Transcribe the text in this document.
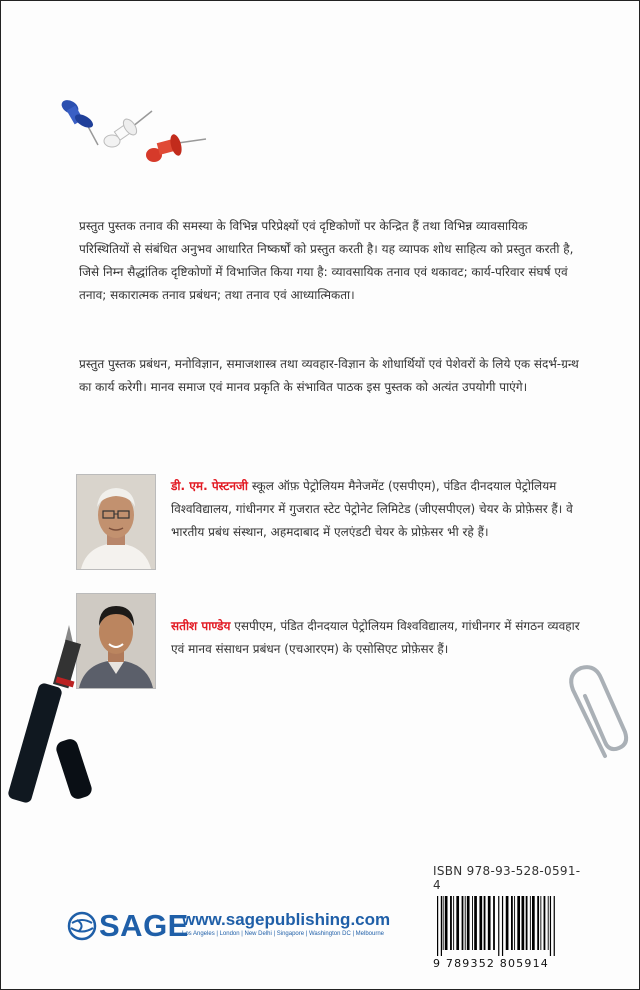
प्रस्तुत पुस्तक तनाव की समस्या के विभिन्न परिप्रेक्ष्यों एवं दृष्टिकोणों पर केन्द्रित हैं तथा विभिन्न व्यावसायिक परिस्थितियों से संबंधित अनुभव आधारित निष्कर्षों को प्रस्तुत करती है। यह व्यापक शोध साहित्य को प्रस्तुत करती है, जिसे निम्न सैद्धांतिक दृष्टिकोणों में विभाजित किया गया है: व्यावसायिक तनाव एवं थकावट; कार्य-परिवार संघर्ष एवं तनाव; सकारात्मक तनाव प्रबंधन; तथा तनाव एवं आध्यात्मिकता।

प्रस्तुत पुस्तक प्रबंधन, मनोविज्ञान, समाजशास्त्र तथा व्यवहार-विज्ञान के शोधार्थियों एवं पेशेवरों के लिये एक संदर्भ-ग्रन्थ का कार्य करेगी। मानव समाज एवं मानव प्रकृति के संभावित पाठक इस पुस्तक को अत्यंत उपयोगी पाएंगे।

डी. एम. पेस्टनजी स्कूल ऑफ़ पेट्रोलियम मैनेजमेंट (एसपीएम), पंडित दीनदयाल पेट्रोलियम विश्वविद्यालय, गांधीनगर में गुजरात स्टेट पेट्रोनेट लिमिटेड (जीएसपीएल) चेयर के प्रोफ़ेसर हैं। वे भारतीय प्रबंध संस्थान, अहमदाबाद में एलएंडटी चेयर के प्रोफ़ेसर भी रहे हैं।

सतीश पाण्डेय एसपीएम, पंडित दीनदयाल पेट्रोलियम विश्वविद्यालय, गांधीनगर में संगठन व्यवहार एवं मानव संसाधन प्रबंधन (एचआरएम) के एसोसिएट प्रोफ़ेसर हैं।

ISBN 978-93-528-0591-4
9 789352 805914
SAGE
www.sagepublishing.com
Los Angeles | London | New Delhi | Singapore | Washington DC | Melbourne
